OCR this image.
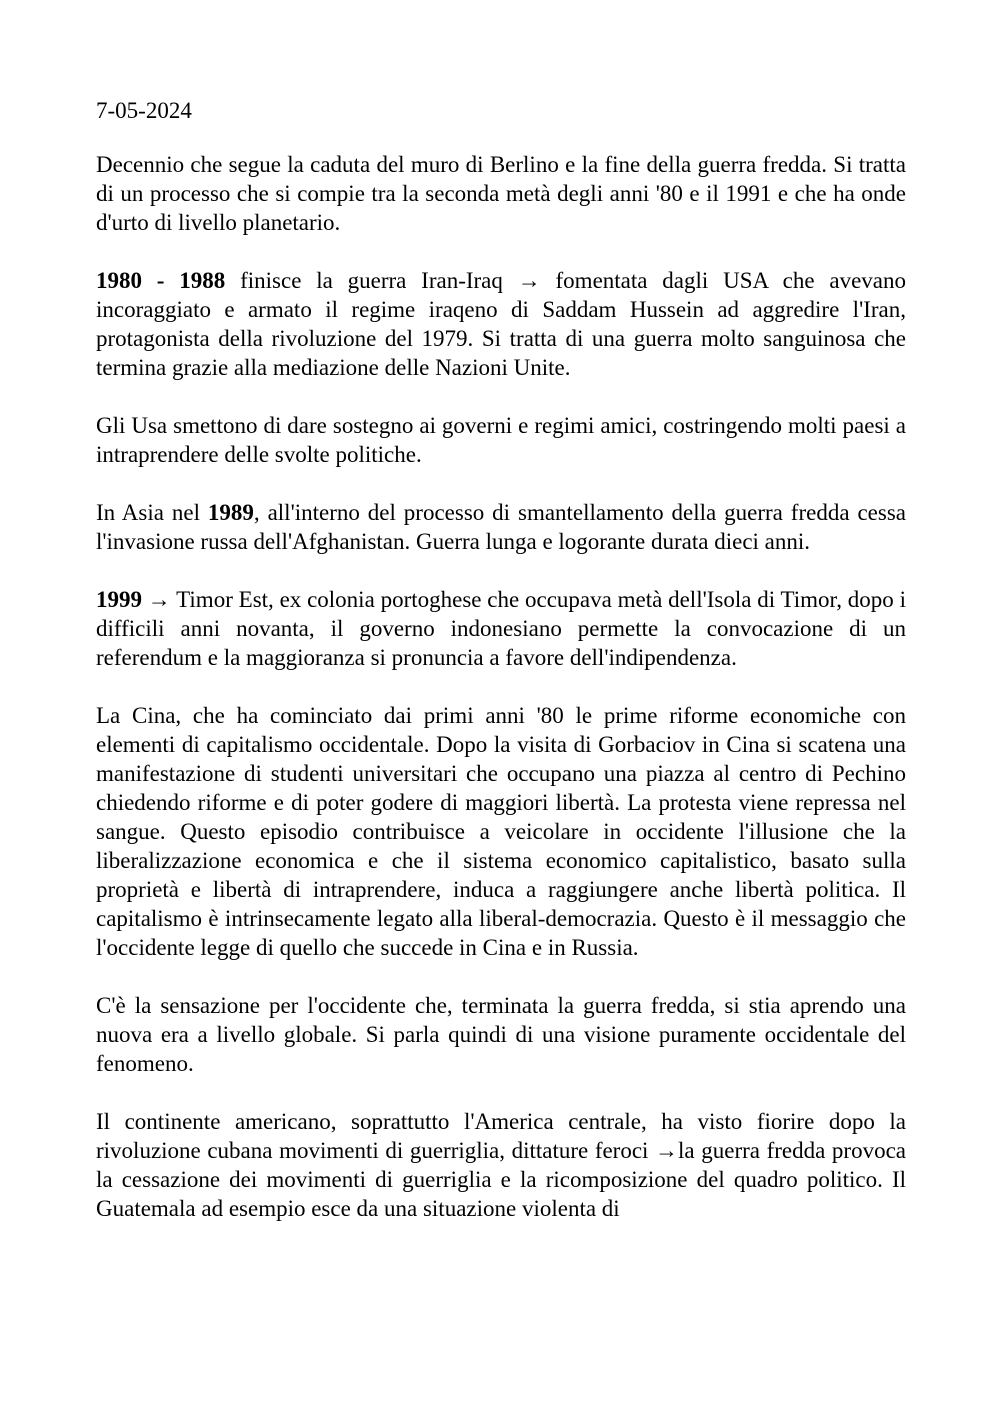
7-05-2024

Decennio che segue la caduta del muro di Berlino e la fine della guerra fredda. Si tratta di un processo che si compie tra la seconda metà degli anni '80 e il 1991 e che ha onde d'urto di livello planetario.

1980 - 1988 finisce la guerra Iran-Iraq → fomentata dagli USA che avevano incoraggiato e armato il regime iraqeno di Saddam Hussein ad aggredire l'Iran, protagonista della rivoluzione del 1979. Si tratta di una guerra molto sanguinosa che termina grazie alla mediazione delle Nazioni Unite.

Gli Usa smettono di dare sostegno ai governi e regimi amici, costringendo molti paesi a intraprendere delle svolte politiche.

In Asia nel 1989, all'interno del processo di smantellamento della guerra fredda cessa l'invasione russa dell'Afghanistan. Guerra lunga e logorante durata dieci anni.

1999 → Timor Est, ex colonia portoghese che occupava metà dell'Isola di Timor, dopo i difficili anni novanta, il governo indonesiano permette la convocazione di un referendum e la maggioranza si pronuncia a favore dell'indipendenza.

La Cina, che ha cominciato dai primi anni '80 le prime riforme economiche con elementi di capitalismo occidentale. Dopo la visita di Gorbaciov in Cina si scatena una manifestazione di studenti universitari che occupano una piazza al centro di Pechino chiedendo riforme e di poter godere di maggiori libertà. La protesta viene repressa nel sangue. Questo episodio contribuisce a veicolare in occidente l'illusione che la liberalizzazione economica e che il sistema economico capitalistico, basato sulla proprietà e libertà di intraprendere, induca a raggiungere anche libertà politica. Il capitalismo è intrinsecamente legato alla liberal-democrazia. Questo è il messaggio che l'occidente legge di quello che succede in Cina e in Russia.

C'è la sensazione per l'occidente che, terminata la guerra fredda, si stia aprendo una nuova era a livello globale. Si parla quindi di una visione puramente occidentale del fenomeno.

Il continente americano, soprattutto l'America centrale, ha visto fiorire dopo la rivoluzione cubana movimenti di guerriglia, dittature feroci →la guerra fredda provoca la cessazione dei movimenti di guerriglia e la ricomposizione del quadro politico. Il Guatemala ad esempio esce da una situazione violenta di
